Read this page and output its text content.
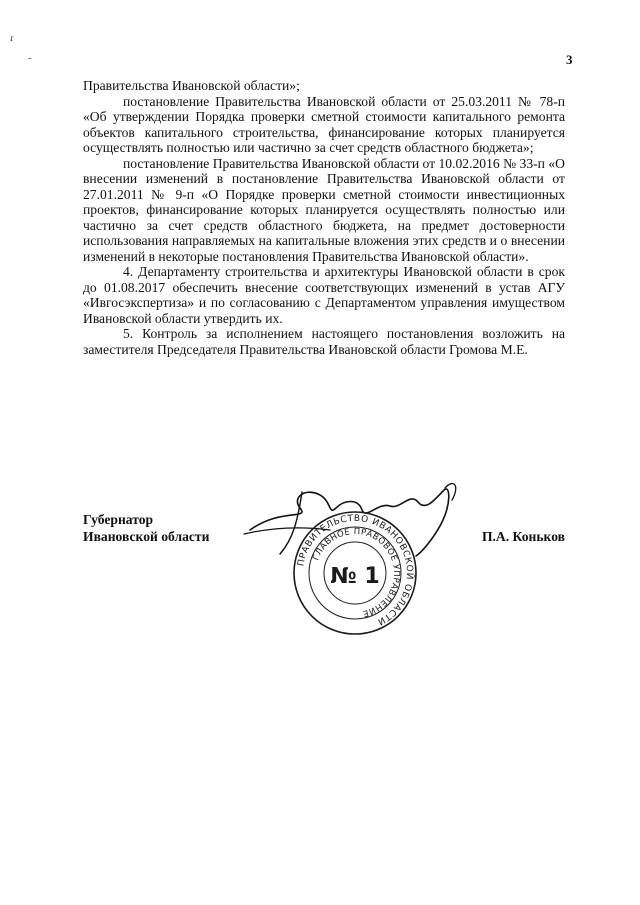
3
ɾ
-

Правительства Ивановской области»;

постановление Правительства Ивановской области от 25.03.2011 № 78-п «Об утверждении Порядка проверки сметной стоимости капитального ремонта объектов капитального строительства, финансирование которых планируется осуществлять полностью или частично за счет средств областного бюджета»;

постановление Правительства Ивановской области от 10.02.2016 № 33-п «О внесении изменений в постановление Правительства Ивановской области от 27.01.2011 № 9-п «О Порядке проверки сметной стоимости инвестиционных проектов, финансирование которых планируется осуществлять полностью или частично за счет средств областного бюджета, на предмет достоверности использования направляемых на капитальные вложения этих средств и о внесении изменений в некоторые постановления Правительства Ивановской области».

4. Департаменту строительства и архитектуры Ивановской области в срок до 01.08.2017 обеспечить внесение соответствующих изменений в устав АГУ «Ивгосэкспертиза» и по согласованию с Департаментом управления имуществом Ивановской области утвердить их.

5. Контроль за исполнением настоящего постановления возложить на заместителя Председателя Правительства Ивановской области Громова М.Е.

ПРАВИТЕЛЬСТВО ИВАНОВСКОЙ ОБЛАСТИ
ГЛАВНОЕ ПРАВОВОЕ УПРАВЛЕНИЕ
№ 1
Губернатор
Ивановской области	П.А. Коньков
